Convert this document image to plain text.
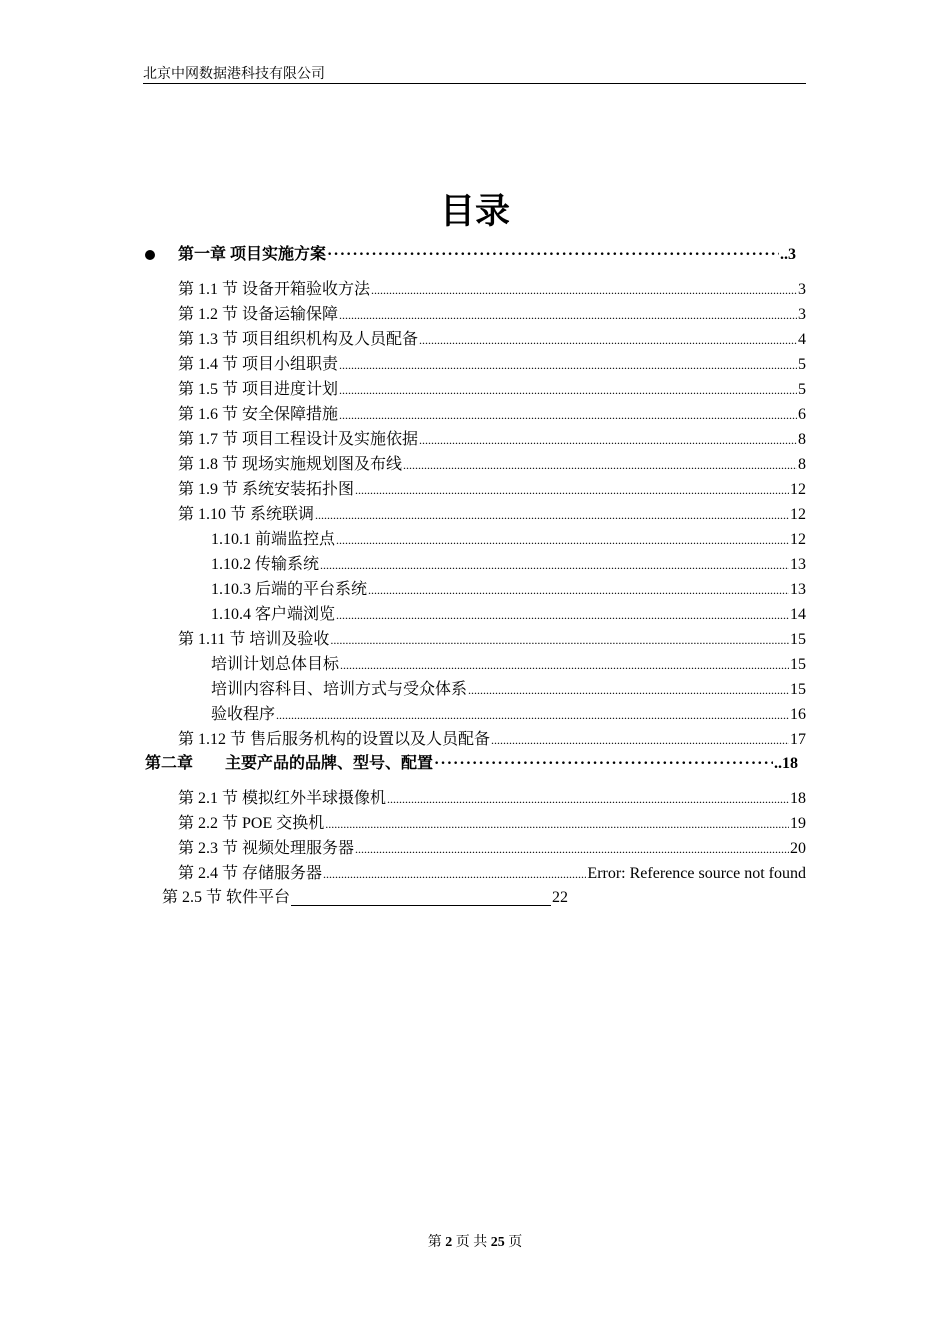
北京中网数据港科技有限公司
目录
第一章 项目实施方案 ·····	..3
第 1.1 节 设备开箱验收方法 .....	3
第 1.2 节 设备运输保障 .....	3
第 1.3 节 项目组织机构及人员配备 .....	4
第 1.4 节 项目小组职责 .....	5
第 1.5 节 项目进度计划 .....	5
第 1.6 节 安全保障措施 .....	6
第 1.7 节 项目工程设计及实施依据 .....	8
第 1.8 节 现场实施规划图及布线 .....	8
第 1.9 节 系统安装拓扑图 .....	12
第 1.10 节 系统联调 .....	12
1.10.1 前端监控点 .....	12
1.10.2 传输系统 .....	13
1.10.3 后端的平台系统 .....	13
1.10.4 客户端浏览 .....	14
第 1.11 节 培训及验收 .....	15
培训计划总体目标 .....	15
培训内容科目、培训方式与受众体系 .....	15
验收程序 .....	16
第 1.12 节 售后服务机构的设置以及人员配备 .....	17
第二章　　主要产品的品牌、型号、配置 ·····	..18
第 2.1 节 模拟红外半球摄像机 .....	18
第 2.2 节 POE 交换机 .....	19
第 2.3 节 视频处理服务器 .....	20
第 2.4 节 存储服务器 .....	Error: Reference source not found
第 2.5 节 软件平台	22
第 2 页 共 25 页
